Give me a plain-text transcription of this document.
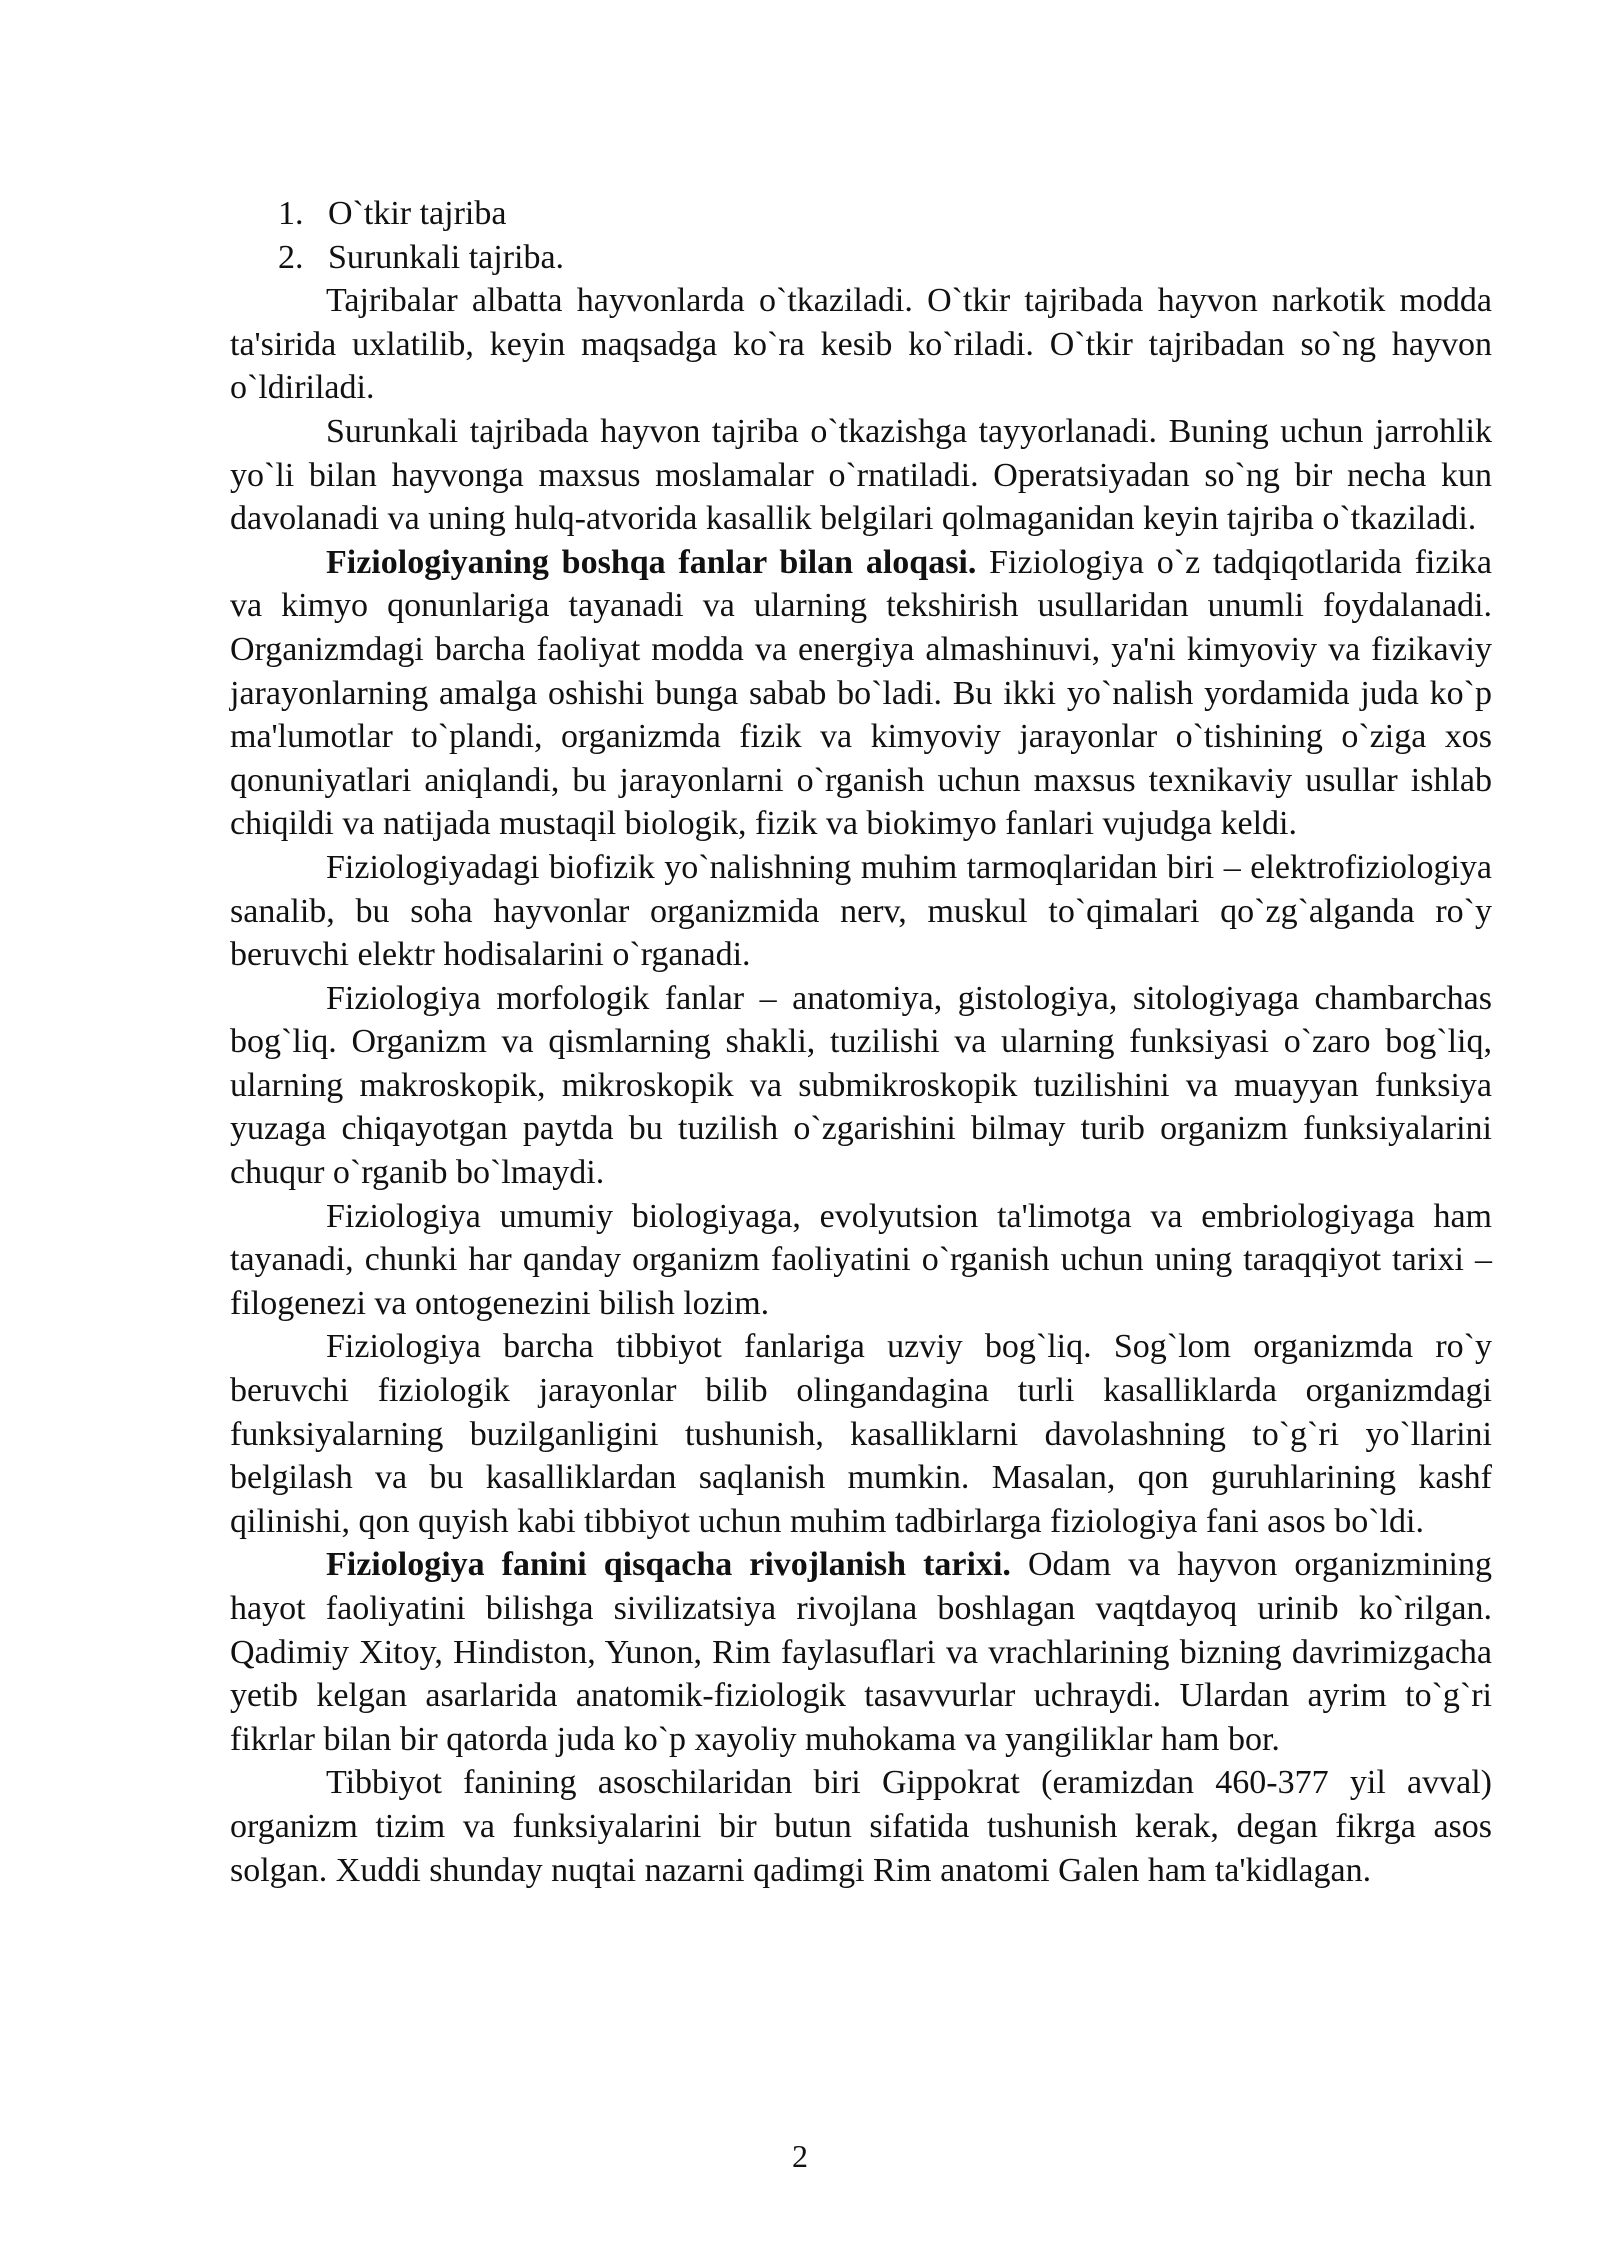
1. O`tkir tajriba
2. Surunkali tajriba.

Tajribalar albatta hayvonlarda o`tkaziladi. O`tkir tajribada hayvon narkotik modda ta'sirida uxlatilib, keyin maqsadga ko`ra kesib ko`riladi. O`tkir tajribadan so`ng hayvon o`ldiriladi.

Surunkali tajribada hayvon tajriba o`tkazishga tayyorlanadi. Buning uchun jarrohlik yo`li bilan hayvonga maxsus moslamalar o`rnatiladi. Operatsiyadan so`ng bir necha kun davolanadi va uning hulq-atvorida kasallik belgilari qolmaganidan keyin tajriba o`tkaziladi.

Fiziologiyaning boshqa fanlar bilan aloqasi. Fiziologiya o`z tadqiqotlarida fizika va kimyo qonunlariga tayanadi va ularning tekshirish usullaridan unumli foydalanadi. Organizmdagi barcha faoliyat modda va energiya almashinuvi, ya'ni kimyoviy va fizikaviy jarayonlarning amalga oshishi bunga sabab bo`ladi. Bu ikki yo`nalish yordamida juda ko`p ma'lumotlar to`plandi, organizmda fizik va kimyoviy jarayonlar o`tishining o`ziga xos qonuniyatlari aniqlandi, bu jarayonlarni o`rganish uchun maxsus texnikaviy usullar ishlab chiqildi va natijada mustaqil biologik, fizik va biokimyo fanlari vujudga keldi.

Fiziologiyadagi biofizik yo`nalishning muhim tarmoqlaridan biri – elektrofiziologiya sanalib, bu soha hayvonlar organizmida nerv, muskul to`qimalari qo`zg`alganda ro`y beruvchi elektr hodisalarini o`rganadi.

Fiziologiya morfologik fanlar – anatomiya, gistologiya, sitologiyaga chambarchas bog`liq. Organizm va qismlarning shakli, tuzilishi va ularning funksiyasi o`zaro bog`liq, ularning makroskopik, mikroskopik va submikroskopik tuzilishini va muayyan funksiya yuzaga chiqayotgan paytda bu tuzilish o`zgarishini bilmay turib organizm funksiyalarini chuqur o`rganib bo`lmaydi.

Fiziologiya umumiy biologiyaga, evolyutsion ta'limotga va embriologiyaga ham tayanadi, chunki har qanday organizm faoliyatini o`rganish uchun uning taraqqiyot tarixi – filogenezi va ontogenezini bilish lozim.

Fiziologiya barcha tibbiyot fanlariga uzviy bog`liq. Sog`lom organizmda ro`y beruvchi fiziologik jarayonlar bilib olingandagina turli kasalliklarda organizmdagi funksiyalarning buzilganligini tushunish, kasalliklarni davolashning to`g`ri yo`llarini belgilash va bu kasalliklardan saqlanish mumkin. Masalan, qon guruhlarining kashf qilinishi, qon quyish kabi tibbiyot uchun muhim tadbirlarga fiziologiya fani asos bo`ldi.

Fiziologiya fanini qisqacha rivojlanish tarixi. Odam va hayvon organizmining hayot faoliyatini bilishga sivilizatsiya rivojlana boshlagan vaqtdayoq urinib ko`rilgan. Qadimiy Xitoy, Hindiston, Yunon, Rim faylasuflari va vrachlarining bizning davrimizgacha yetib kelgan asarlarida anatomik-fiziologik tasavvurlar uchraydi. Ulardan ayrim to`g`ri fikrlar bilan bir qatorda juda ko`p xayoliy muhokama va yangiliklar ham bor.

Tibbiyot fanining asoschilaridan biri Gippokrat (eramizdan 460-377 yil avval) organizm tizim va funksiyalarini bir butun sifatida tushunish kerak, degan fikrga asos solgan. Xuddi shunday nuqtai nazarni qadimgi Rim anatomi Galen ham ta'kidlagan.

2
